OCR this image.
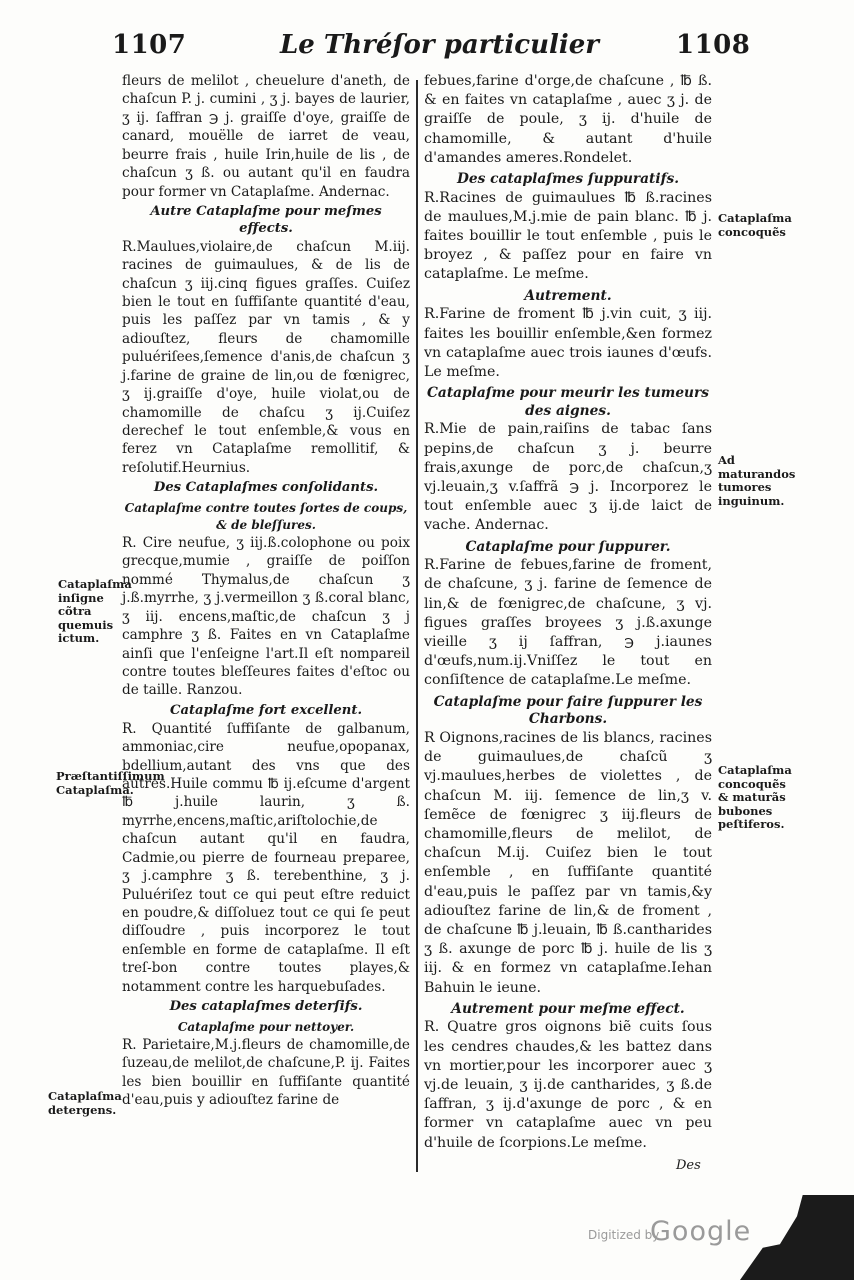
1107	Le Thréſor particulier	1108

fleurs de melilot , cheuelure d'aneth, de chaſcun P. j. cumini , ʒ j. bayes de laurier, ʒ ij. ſaffran ℈ j. graiſſe d'oye, graiſſe de canard, mouëlle de iarret de veau, beurre frais , huile Irin,huile de lis , de chaſcun ʒ ß. ou autant qu'il en faudra pour former vn Cataplaſme. Andernac.

Autre Cataplaſme pour meſmes effects.

R.Maulues,violaire,de chaſcun M.iij. racines de guimaulues, & de lis de chaſcun ʒ iij.cinq figues graſſes. Cuiſez bien le tout en ſuffiſante quantité d'eau, puis les paſſez par vn tamis , & y adiouſtez, fleurs de chamomille puluériſees,ſemence d'anis,de chaſcun ʒ j.farine de graine de lin,ou de fœnigrec, ʒ ij.graiſſe d'oye, huile violat,ou de chamomille de chaſcu ʒ ij.Cuiſez derechef le tout enſemble,& vous en ferez vn Cataplaſme remollitif, & reſolutif.Heurnius.

Des Cataplaſmes conſolidants.

Cataplaſme contre toutes ſortes de coups, & de bleſſures.

R. Cire neufue, ʒ iij.ß.colophone ou poix grecque,mumie , graiſſe de poiſſon nommé Thymalus,de chaſcun ʒ j.ß.myrrhe, ʒ j.vermeillon ʒ ß.coral blanc, ʒ iij. encens,maſtic,de chaſcun ʒ j camphre ʒ ß. Faites en vn Cataplaſme ainſi que l'enſeigne l'art.Il eſt nompareil contre toutes bleſſeures faites d'eſtoc ou de taille. Ranzou.

Cataplaſme fort excellent.

R. Quantité ſuffiſante de galbanum, ammoniac,cire neufue,opopanax, bdellium,autant des vns que des autres.Huile commu ℔ ij.eſcume d'argent ℔ j.huile laurin, ʒ ß. myrrhe,encens,maſtic,ariſtolochie,de chaſcun autant qu'il en faudra, Cadmie,ou pierre de fourneau preparee, ʒ j.camphre ʒ ß. terebenthine, ʒ j. Puluériſez tout ce qui peut eſtre reduict en poudre,& diſſoluez tout ce qui ſe peut diſſoudre , puis incorporez le tout enſemble en forme de cataplaſme. Il eſt treſ-bon contre toutes playes,& notamment contre les harquebuſades.

Des cataplaſmes deterſifs.

Cataplaſme pour nettoyer.

R. Parietaire,M.j.fleurs de chamomille,de ſuzeau,de melilot,de chaſcune,P. ij. Faites les bien bouillir en ſuffiſante quantité d'eau,puis y adiouſtez farine de

febues,farine d'orge,de chaſcune , ℔ ß. & en faites vn cataplaſme , auec ʒ j. de graiſſe de poule, ʒ ij. d'huile de chamomille, & autant d'huile d'amandes ameres.Rondelet.

Des cataplaſmes ſuppuratifs.

R.Racines de guimaulues ℔ ß.racines de maulues,M.j.mie de pain blanc. ℔ j. faites bouillir le tout enſemble , puis le broyez , & paſſez pour en faire vn cataplaſme. Le meſme.

Autrement.

R.Farine de froment ℔ j.vin cuit, ʒ iij. faites les bouillir enſemble,&en formez vn cataplaſme auec trois iaunes d'œufs. Le meſme.

Cataplaſme pour meurir les tumeurs des aignes.

R.Mie de pain,raiſins de tabac ſans pepins,de chaſcun ʒ j. beurre frais,axunge de porc,de chaſcun,ʒ vj.leuain,ʒ v.ſaffrã ℈ j. Incorporez le tout enſemble auec ʒ ij.de laict de vache. Andernac.

Cataplaſme pour ſuppurer.

R.Farine de febues,farine de froment, de chaſcune, ʒ j. farine de ſemence de lin,& de fœnigrec,de chaſcune, ʒ vj. figues graſſes broyees ʒ j.ß.axunge vieille ʒ ij ſaffran, ℈ j.iaunes d'œufs,num.ij.Vniſſez le tout en conſiſtence de cataplaſme.Le meſme.

Cataplaſme pour faire ſuppurer les Charbons.

R Oignons,racines de lis blancs, racines de guimaulues,de chaſcũ ʒ vj.maulues,herbes de violettes , de chaſcun M. iij. ſemence de lin,ʒ v. ſemẽce de fœnigrec ʒ iij.fleurs de chamomille,fleurs de melilot, de chaſcun M.ij. Cuiſez bien le tout enſemble , en ſuffiſante quantité d'eau,puis le paſſez par vn tamis,&y adiouſtez farine de lin,& de froment , de chaſcune ℔ j.leuain, ℔ ß.cantharides ʒ ß. axunge de porc ℔ j. huile de lis ʒ iij. & en formez vn cataplaſme.Iehan Bahuin le ieune.

Autrement pour meſme effect.

R. Quatre gros oignons biẽ cuits ſous les cendres chaudes,& les battez dans vn mortier,pour les incorporer auec ʒ vj.de leuain, ʒ ij.de cantharides, ʒ ß.de ſaffran, ʒ ij.d'axunge de porc , & en former vn cataplaſme auec vn peu d'huile de ſcorpions.Le meſme.

Cataplaſma inſigne cõtra quemuis ictum.
Præſtantiſſimum Cataplaſma.
Cataplaſma detergens.
Cataplaſma concoquẽs
Ad maturandos tumores inguinum.
Cataplaſma concoquẽs & maturãs bubones peſtiferos.
Des
Digitized by
Google
